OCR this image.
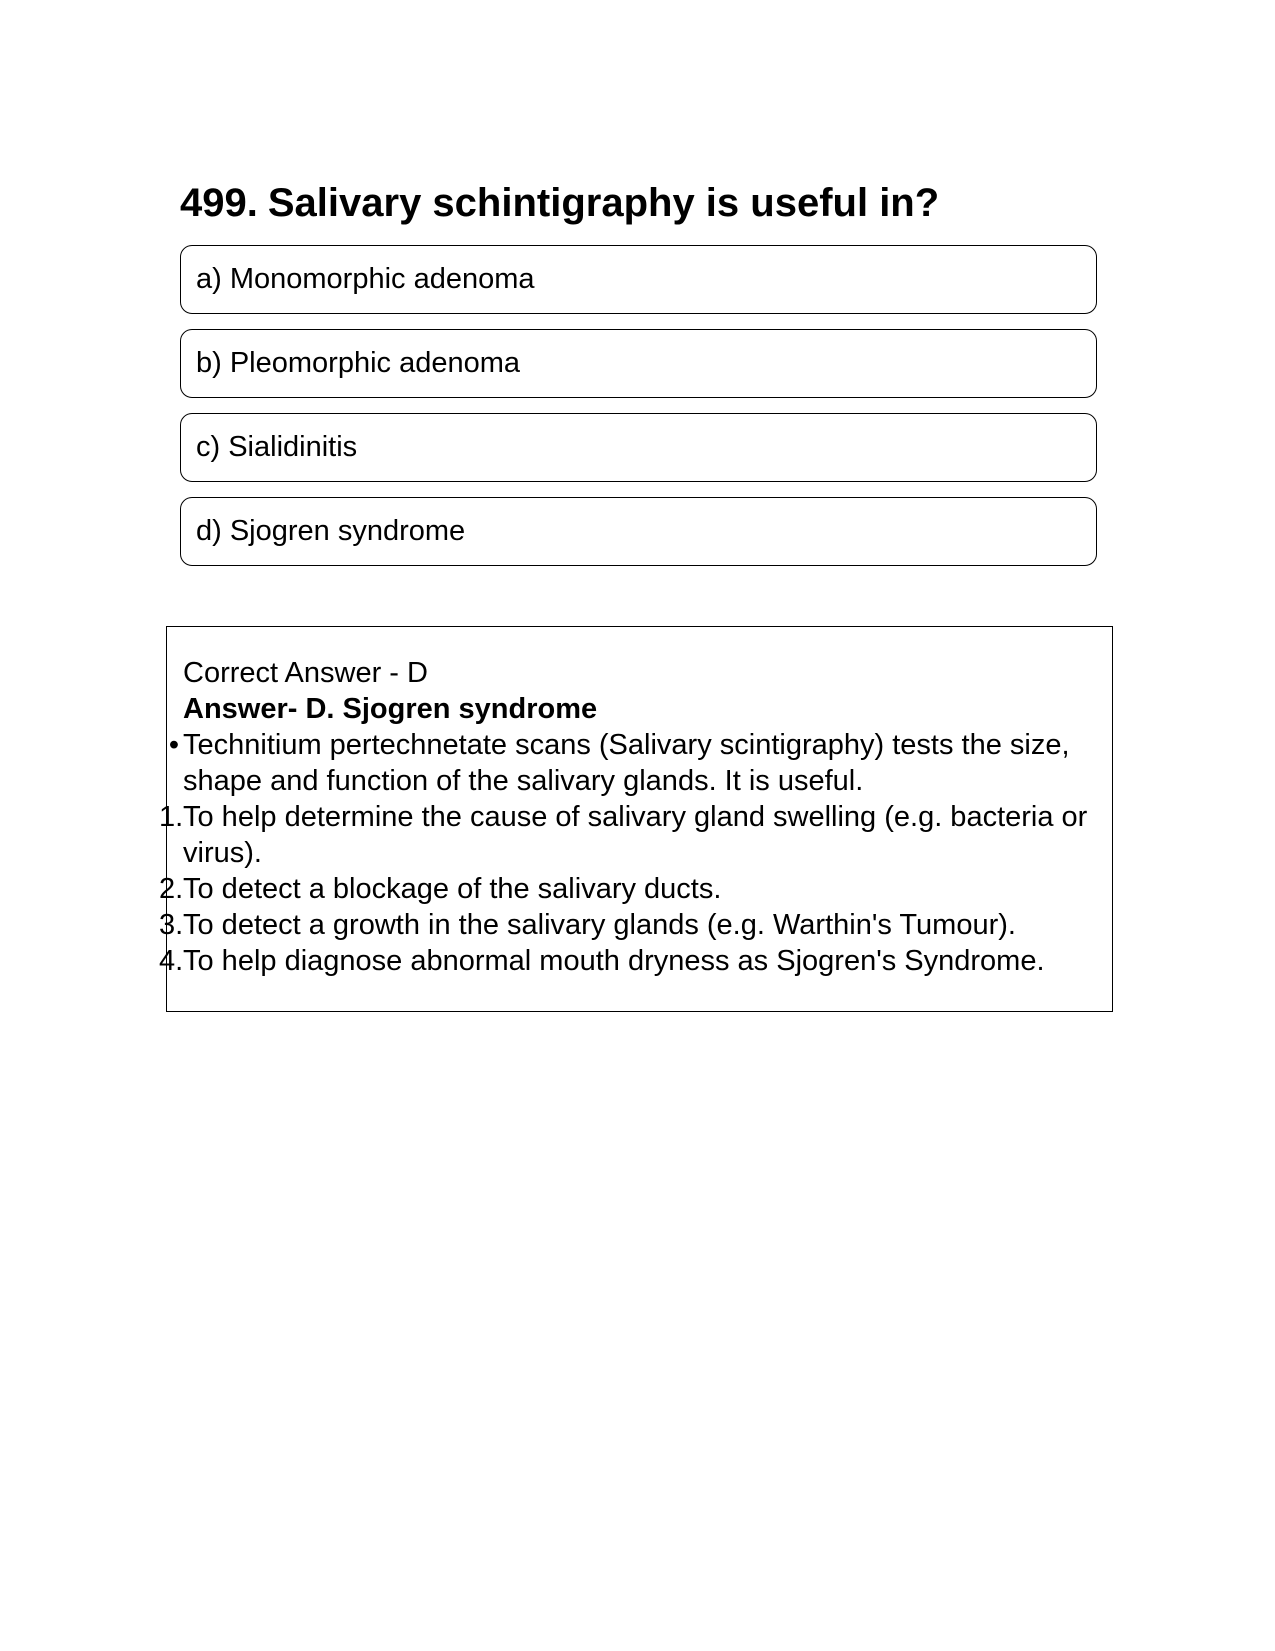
499. Salivary schintigraphy is useful in?
a) Monomorphic adenoma
b) Pleomorphic adenoma
c) Sialidinitis
d) Sjogren syndrome
Correct Answer - D
Answer- D. Sjogren syndrome
• Technitium pertechnetate scans (Salivary scintigraphy) tests the size, shape and function of the salivary glands. It is useful.
1. To help determine the cause of salivary gland swelling (e.g. bacteria or virus).
2. To detect a blockage of the salivary ducts.
3. To detect a growth in the salivary glands (e.g. Warthin's Tumour).
4. To help diagnose abnormal mouth dryness as Sjogren's Syndrome.
